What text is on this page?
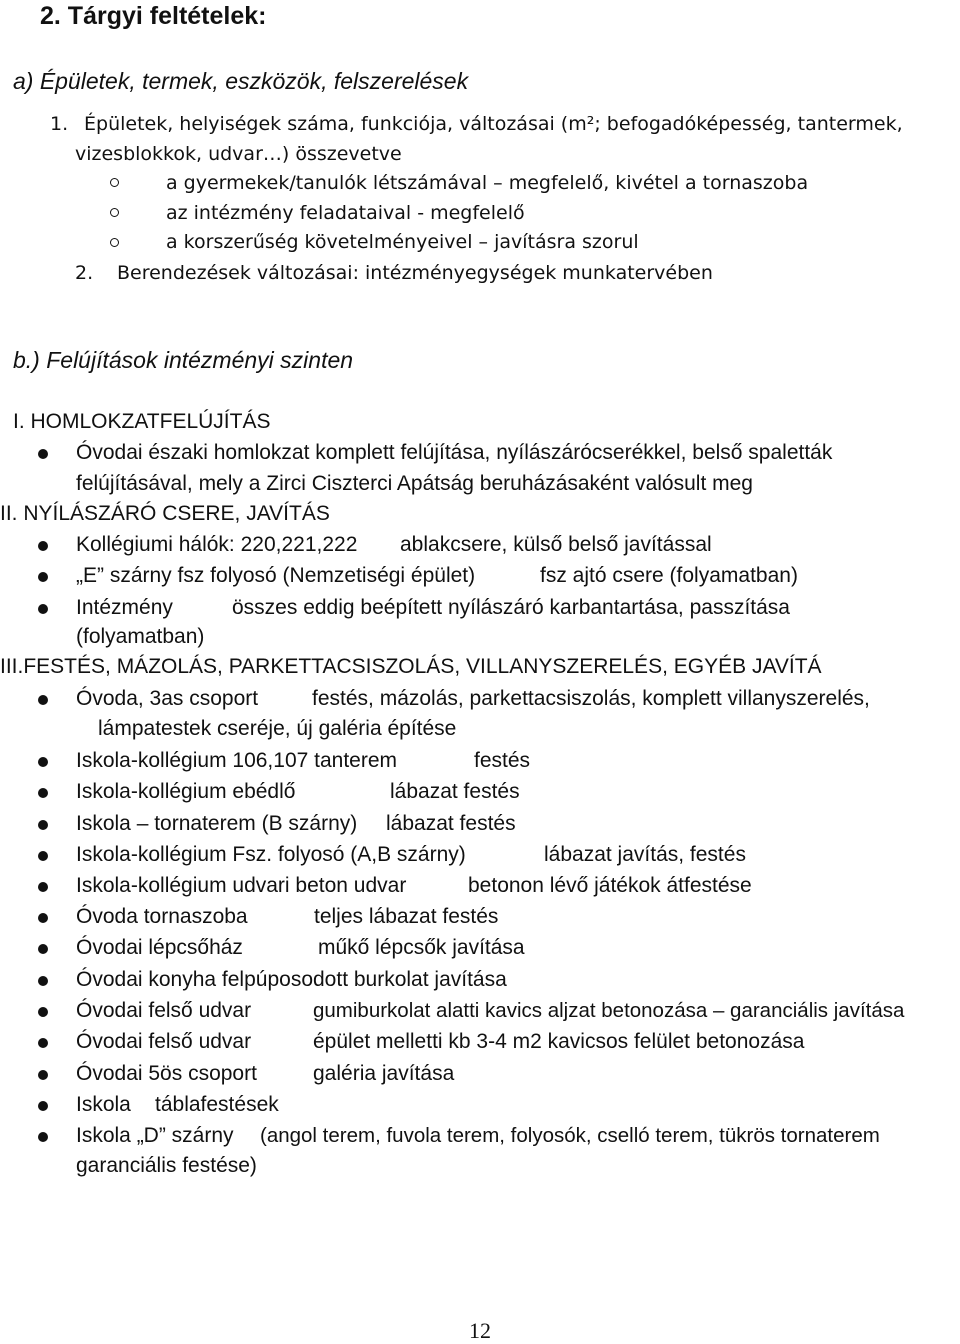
2. Tárgyi feltételek:
a) Épületek, termek, eszközök, felszerelések
1. Épületek, helyiségek száma, funkciója, változásai (m²; befogadóképesség, tantermek,
vizesblokkok, udvar…) összevetve
a gyermekek/tanulók létszámával – megfelelő, kivétel a tornaszoba
az intézmény feladataival - megfelelő
a korszerűség követelményeivel – javításra szorul
2. Berendezések változásai: intézményegységek munkatervében
b.) Felújítások intézményi szinten
I. HOMLOKZATFELÚJÍTÁS
Óvodai északi homlokzat komplett felújítása, nyílászárócserékkel, belső spaletták
felújításával, mely a Zirci Ciszterci Apátság beruházásaként valósult meg
II. NYÍLÁSZÁRÓ CSERE, JAVÍTÁS
Kollégiumi hálók: 220,221,222 ablakcsere, külső belső javítással
„E” szárny fsz folyosó (Nemzetiségi épület)	fsz ajtó csere (folyamatban)
Intézmény	összes eddig beépített nyílászáró karbantartása, passzítása
(folyamatban)
III.FESTÉS, MÁZOLÁS, PARKETTACSISZOLÁS, VILLANYSZERELÉS, EGYÉB JAVÍTÁ
Óvoda, 3as csoport	festés, mázolás, parkettacsiszolás, komplett villanyszerelés,
lámpatestek cseréje, új galéria építése
Iskola-kollégium 106,107 tanterem	festés
Iskola-kollégium ebédlő	lábazat festés
Iskola – tornaterem (B szárny) lábazat festés
Iskola-kollégium Fsz. folyosó (A,B szárny)	lábazat javítás, festés
Iskola-kollégium udvari beton udvar	betonon lévő játékok átfestése
Óvoda tornaszoba	teljes lábazat festés
Óvodai lépcsőház	műkő lépcsők javítása
Óvodai konyha felpúposodott burkolat javítása
Óvodai felső udvar	gumiburkolat alatti kavics aljzat betonozása – garanciális javítása
Óvodai felső udvar	épület melletti kb 3-4 m2 kavicsos felület betonozása
Óvodai 5ös csoport	galéria javítása
Iskola táblafestések
Iskola „D” szárny (angol terem, fuvola terem, folyosók, cselló terem, tükrös tornaterem
garanciális festése)
12
